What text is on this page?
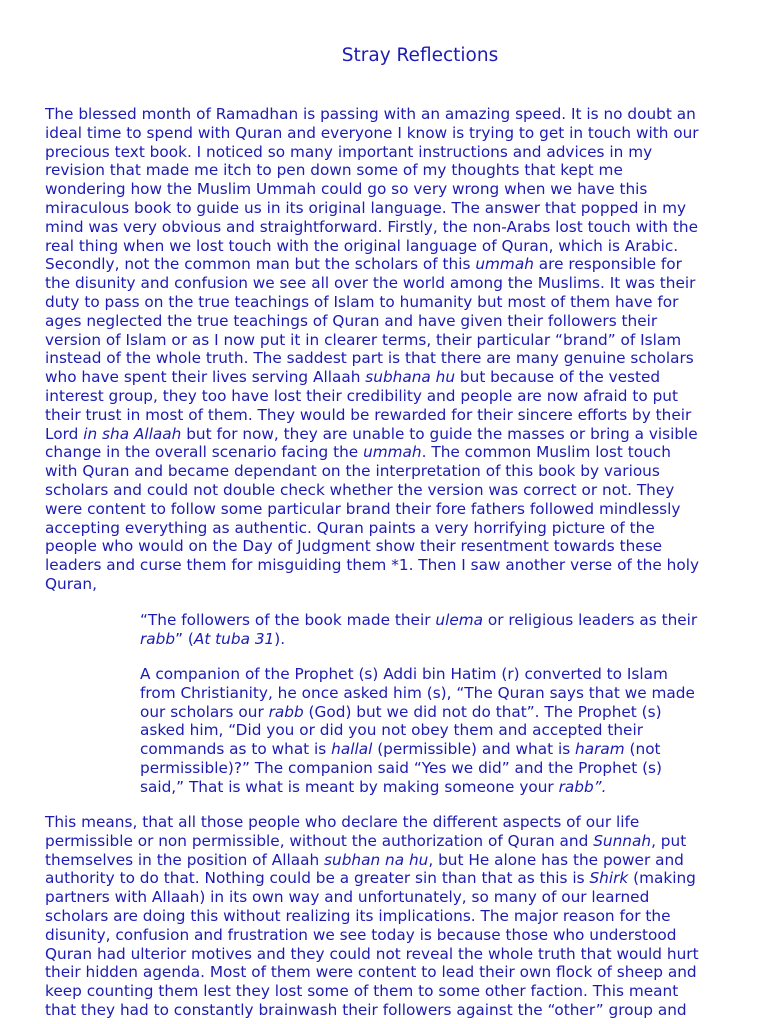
Stray Reflections
The blessed month of Ramadhan is passing with an amazing speed. It is no doubt an
ideal time to spend with Quran and everyone I know is trying to get in touch with our
precious text book. I noticed so many important instructions and advices in my
revision that made me itch to pen down some of my thoughts that kept me
wondering how the Muslim Ummah could go so very wrong when we have this
miraculous book to guide us in its original language. The answer that popped in my
mind was very obvious and straightforward. Firstly, the non-Arabs lost touch with the
real thing when we lost touch with the original language of Quran, which is Arabic.
Secondly, not the common man but the scholars of this ummah are responsible for
the disunity and confusion we see all over the world among the Muslims. It was their
duty to pass on the true teachings of Islam to humanity but most of them have for
ages neglected the true teachings of Quran and have given their followers their
version of Islam or as I now put it in clearer terms, their particular “brand” of Islam
instead of the whole truth. The saddest part is that there are many genuine scholars
who have spent their lives serving Allaah subhana hu but because of the vested
interest group, they too have lost their credibility and people are now afraid to put
their trust in most of them. They would be rewarded for their sincere efforts by their
Lord in sha Allaah but for now, they are unable to guide the masses or bring a visible
change in the overall scenario facing the ummah. The common Muslim lost touch
with Quran and became dependant on the interpretation of this book by various
scholars and could not double check whether the version was correct or not. They
were content to follow some particular brand their fore fathers followed mindlessly
accepting everything as authentic. Quran paints a very horrifying picture of the
people who would on the Day of Judgment show their resentment towards these
leaders and curse them for misguiding them *1. Then I saw another verse of the holy
Quran,
“The followers of the book made their ulema or religious leaders as their
rabb” (At tuba 31).
A companion of the Prophet (s) Addi bin Hatim (r) converted to Islam
from Christianity, he once asked him (s), “The Quran says that we made
our scholars our rabb (God) but we did not do that”. The Prophet (s)
asked him, “Did you or did you not obey them and accepted their
commands as to what is hallal (permissible) and what is haram (not
permissible)?” The companion said “Yes we did” and the Prophet (s)
said,” That is what is meant by making someone your rabb”.
This means, that all those people who declare the different aspects of our life
permissible or non permissible, without the authorization of Quran and Sunnah, put
themselves in the position of Allaah subhan na hu, but He alone has the power and
authority to do that. Nothing could be a greater sin than that as this is Shirk (making
partners with Allaah) in its own way and unfortunately, so many of our learned
scholars are doing this without realizing its implications. The major reason for the
disunity, confusion and frustration we see today is because those who understood
Quran had ulterior motives and they could not reveal the whole truth that would hurt
their hidden agenda. Most of them were content to lead their own flock of sheep and
keep counting them lest they lost some of them to some other faction. This meant
that they had to constantly brainwash their followers against the “other” group and
